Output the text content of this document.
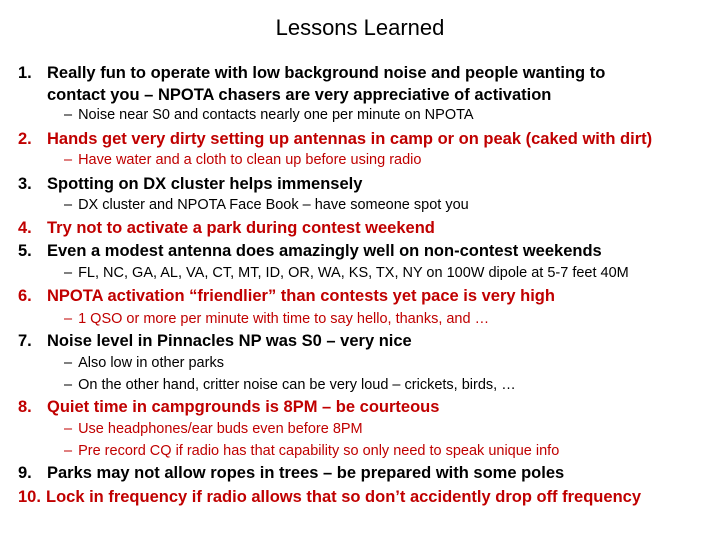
Lessons Learned
1. Really fun to operate with low background noise and people wanting to
contact you – NPOTA chasers are very appreciative of activation
– Noise near S0 and contacts nearly one per minute on NPOTA
2. Hands get very dirty setting up antennas in camp or on peak (caked with dirt)
– Have water and a cloth to clean up before using radio
3. Spotting on DX cluster helps immensely
– DX cluster and NPOTA Face Book – have someone spot you
4. Try not to activate a park during contest weekend
5. Even a modest antenna does amazingly well on non-contest weekends
– FL, NC, GA, AL, VA, CT, MT, ID, OR, WA, KS, TX, NY on 100W dipole at 5-7 feet 40M
6. NPOTA activation “friendlier” than contests yet pace is very high
– 1 QSO or more per minute with time to say hello, thanks, and …
7. Noise level in Pinnacles NP was S0 – very nice
– Also low in other parks
– On the other hand, critter noise can be very loud – crickets, birds, …
8. Quiet time in campgrounds is 8PM – be courteous
– Use headphones/ear buds even before 8PM
– Pre record CQ if radio has that capability so only need to speak unique info
9. Parks may not allow ropes in trees – be prepared with some poles
10. Lock in frequency if radio allows that so don’t accidently drop off frequency
